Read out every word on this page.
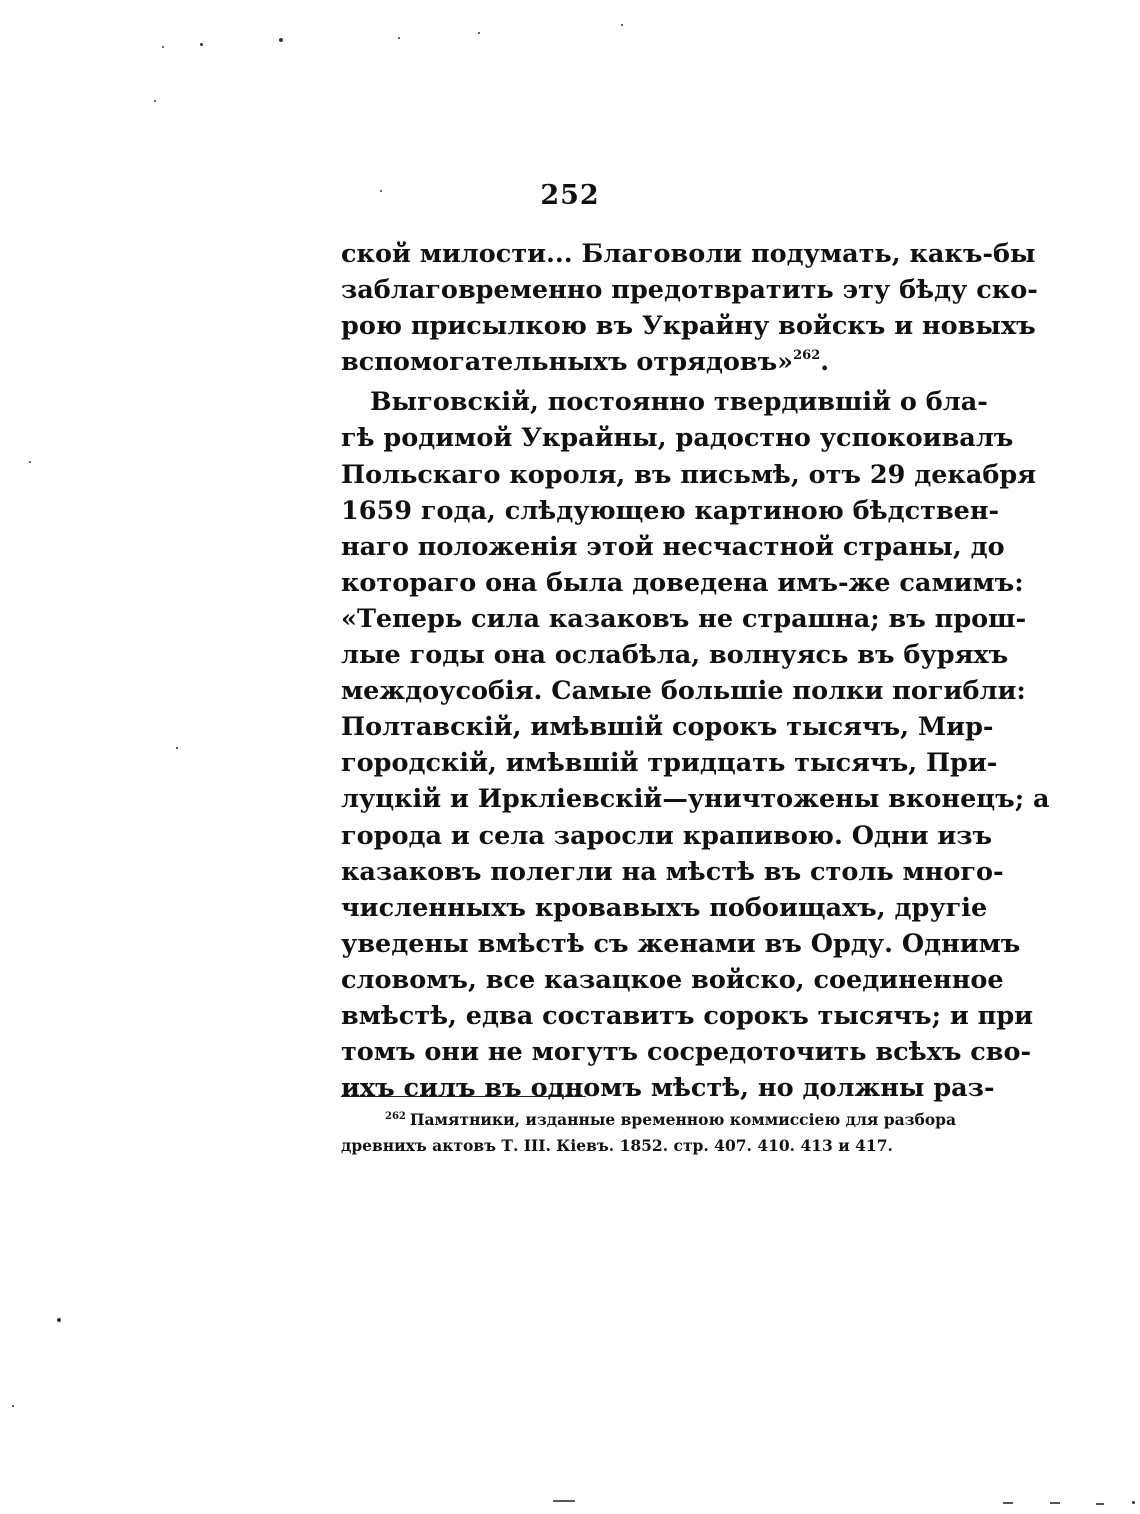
252
ской милости... Благоволи подумать, какъ-бы
заблаговременно предотвратить эту бѣду ско-
рою присылкою въ Украйну войскъ и новыхъ
вспомогательныхъ отрядовъ»$^{262}$.
Выговскій, постоянно твердившій о бла-
гѣ родимой Украйны, радостно успокоивалъ
Польскаго короля, въ письмѣ, отъ 29 декабря
1659 года, слѣдующею картиною бѣдствен-
наго положенія этой несчастной страны, до
котораго она была доведена имъ-же самимъ:
«Теперь сила казаковъ не страшна; въ прош-
лые годы она ослабѣла, волнуясь въ буряхъ
междоусобія. Самые большіе полки погибли:
Полтавскій, имѣвшій сорокъ тысячъ, Мир-
городскій, имѣвшій тридцать тысячъ, При-
луцкій и Ирклiевскій—уничтожены вконецъ; а
города и села заросли крапивою. Одни изъ
казаковъ полегли на мѣстѣ въ столь много-
численныхъ кровавыхъ побоищахъ, другіе
уведены вмѣстѣ съ женами въ Орду. Однимъ
словомъ, все казацкое войско, соединенное
вмѣстѣ, едва составитъ сорокъ тысячъ; и при
томъ они не могутъ сосредоточить всѣхъ сво-
ихъ силъ въ одномъ мѣстѣ, но должны раз-
$^{262}$ Памятники, изданные временною коммиссіею для разбора
древнихъ актовъ Т. III. Кіевъ. 1852. стр. 407. 410. 413 и 417.
